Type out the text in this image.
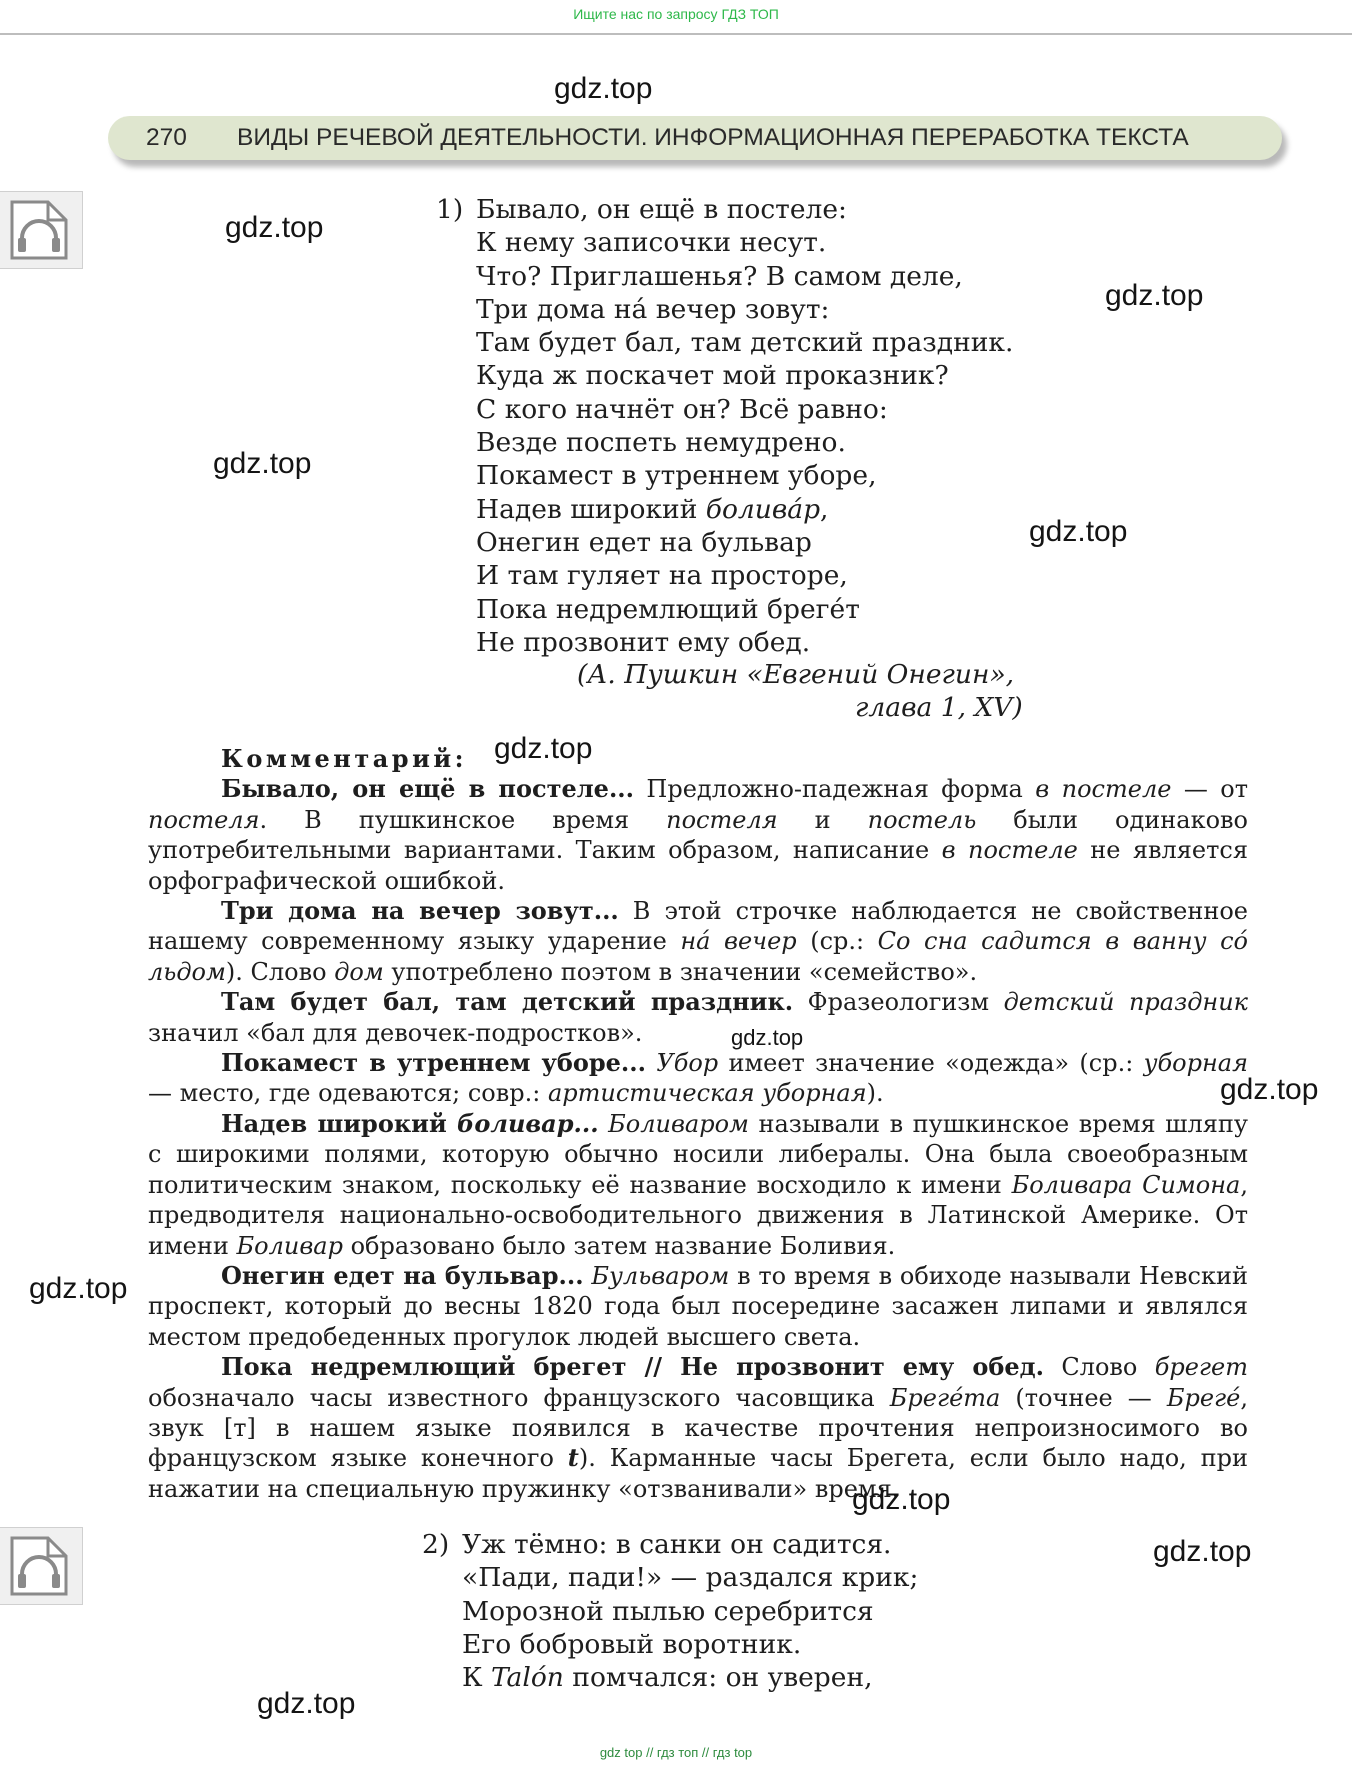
Ищите нас по запросу ГДЗ ТОП
gdz.top
270 ВИДЫ РЕЧЕВОЙ ДЕЯТЕЛЬНОСТИ. ИНФОРМАЦИОННАЯ ПЕРЕРАБОТКА ТЕКСТА
1) Бывало, он ещё в постеле:
К нему записочки несут.
Что? Приглашенья? В самом деле,
Три дома на́ вечер зовут:
Там будет бал, там детский праздник.
Куда ж поскачет мой проказник?
С кого начнёт он? Всё равно:
Везде поспеть немудрено.
Покамест в утреннем уборе,
Надев широкий боливáр,
Онегин едет на бульвар
И там гуляет на просторе,
Пока недремлющий брегéт
Не прозвонит ему обед.
(А. Пушкин «Евгений Онегин»,
глава 1, XV)
Комментарий:

Бывало, он ещё в постеле... Предложно-падежная форма в постеле — от постеля. В пушкинское время постеля и постель были одинаково употребительными вариантами. Таким образом, написание в постеле не является орфографической ошибкой.

Три дома на вечер зовут... В этой строчке наблюдается не свойственное нашему современному языку ударение нá вечер (ср.: Со сна садится в ванну сó льдом). Слово дом употреблено поэтом в значении «семейство».

Там будет бал, там детский праздник. Фразеологизм детский праздник значил «бал для девочек-подростков».

Покамест в утреннем уборе... Убор имеет значение «одежда» (ср.: уборная — место, где одеваются; совр.: артистическая уборная).

Надев широкий боливар... Боливаром называли в пушкинское время шляпу с широкими полями, которую обычно носили либералы. Она была своеобразным политическим знаком, поскольку её название восходило к имени Боливара Симона, предводителя национально-освободительного движения в Латинской Америке. От имени Боливар образовано было затем название Боливия.

Онегин едет на бульвар... Бульваром в то время в обиходе называли Невский проспект, который до весны 1820 года был посередине засажен липами и являлся местом предобеденных прогулок людей высшего света.

Пока недремлющий брегет // Не прозвонит ему обед. Слово брегет обозначало часы известного французского часовщика Брегéта (точнее — Брегé, звук [т] в нашем языке появился в качестве прочтения непроизносимого во французском языке конечного t). Карманные часы Брегета, если было надо, при нажатии на специальную пружинку «отзванивали» время.

2) Уж тёмно: в санки он садится.
«Пади, пади!» — раздался крик;
Морозной пылью серебрится
Его бобровый воротник.
К Talón помчался: он уверен,
gdz.top
gdz.top
gdz.top
gdz.top
gdz.top
gdz.top
gdz.top
gdz.top
gdz.top
gdz.top
gdz.top
gdz top // гдз топ // гдз top
